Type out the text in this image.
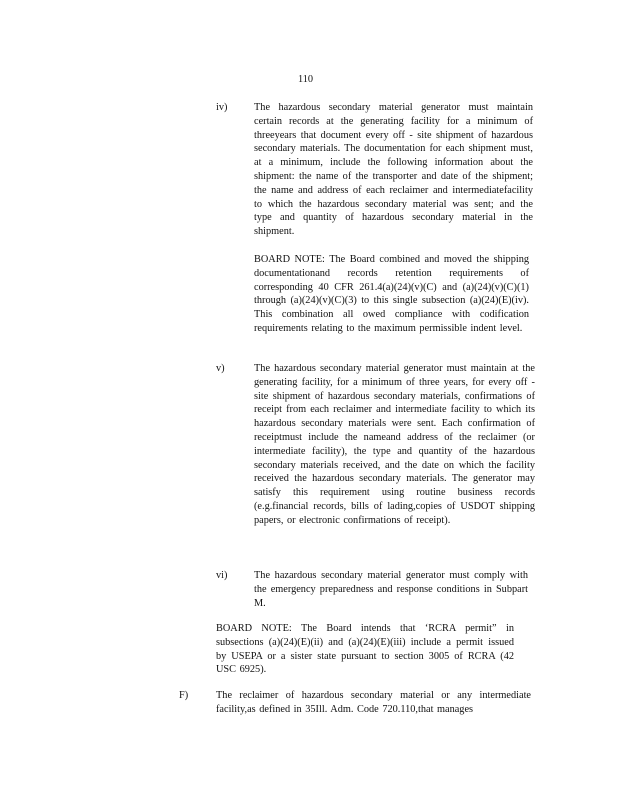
110
iv)	The hazardous secondary material generator must maintain certain records at the generating facility for a minimum of threeyears that document every off - site shipment of hazardous secondary materials. The documentation for each shipment must, at a minimum, include the following information about the shipment: the name of the transporter and date of the shipment; the name and address of each reclaimer and intermediatefacility to which the hazardous secondary material was sent; and the type and quantity of hazardous secondary material in the shipment.
BOARD NOTE: The Board combined and moved the shipping documentationand records retention requirements of corresponding 40 CFR 261.4(a)(24)(v)(C) and (a)(24)(v)(C)(1) through (a)(24)(v)(C)(3) to this single subsection (a)(24)(E)(iv). This combination all owed compliance with codification requirements relating to the maximum permissible indent level.
v)	The hazardous secondary material generator must maintain at the generating facility, for a minimum of three years, for every off -site shipment of hazardous secondary materials, confirmations of receipt from each reclaimer and intermediate facility to which its hazardous secondary materials were sent. Each confirmation of receiptmust include the nameand address of the reclaimer (or intermediate facility), the type and quantity of the hazardous secondary materials received, and the date on which the facility received the hazardous secondary materials. The generator may satisfy this requirement using routine business records (e.g.financial records, bills of lading,copies of USDOT shipping papers, or electronic confirmations of receipt).
vi)	The hazardous secondary material generator must comply with the emergency preparedness and response conditions in Subpart M.
BOARD NOTE: The Board intends that ‘RCRA permit” in subsections (a)(24)(E)(ii) and (a)(24)(E)(iii) include a permit issued by USEPA or a sister state pursuant to section 3005 of RCRA (42 USC 6925).
F)	The reclaimer of hazardous secondary material or any intermediate facility,as defined in 35Ill. Adm. Code 720.110,that manages
